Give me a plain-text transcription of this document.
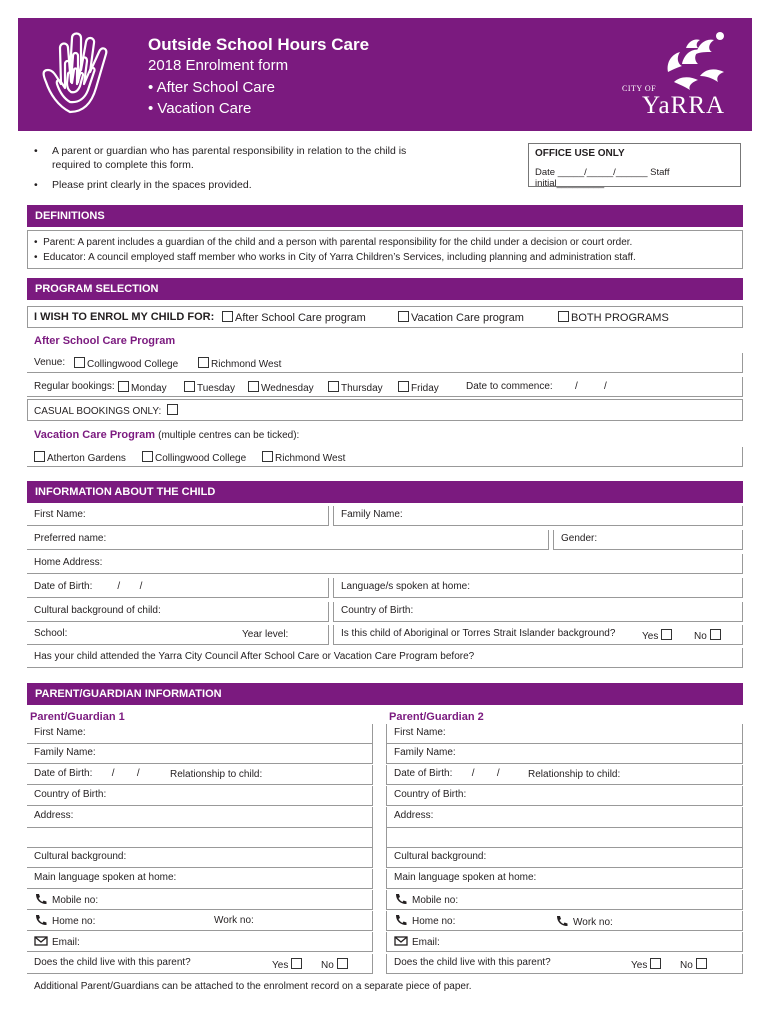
Outside School Hours Care
2018 Enrolment form
• After School Care
• Vacation Care
CITY OF
YaRRA
• A parent or guardian who has parental responsibility in relation to the child is required to complete this form.
• Please print clearly in the spaces provided.
OFFICE USE ONLY
Date _____/_____/______ Staff initial_________
DEFINITIONS
•  Parent: A parent includes a guardian of the child and a person with parental responsibility for the child under a decision or court order.
•  Educator: A council employed staff member who works in City of Yarra Children’s Services, including planning and administration staff.
PROGRAM SELECTION
I WISH TO ENROL MY CHILD FOR:	After School Care program	Vacation Care program	BOTH PROGRAMS
After School Care Program
Venue:	Collingwood College	Richmond West
Regular bookings:	Monday	Tuesday	Wednesday	Thursday	Friday	Date to commence: /	/
CASUAL BOOKINGS ONLY:
Vacation Care Program (multiple centres can be ticked):
Atherton Gardens	Collingwood College	Richmond West
INFORMATION ABOUT THE CHILD
First Name:	Family Name:
Preferred name:	Gender:
Home Address:
Date of Birth:         /       /	Language/s spoken at home:
Cultural background of child:	Country of Birth:
School:	Year level:	Is this child of Aboriginal or Torres Strait Islander background?	Yes	No
Has your child attended the Yarra City Council After School Care or Vacation Care Program before?
PARENT/GUARDIAN INFORMATION
Parent/Guardian 1	Parent/Guardian 2
First Name:
Family Name:
Date of Birth:       /        /	Relationship to child:
Country of Birth:
Address:
Cultural background:
Main language spoken at home:
Mobile no:
Home no:	Work no:
Email:
Does the child live with this parent?	Yes	No
First Name:
Family Name:
Date of Birth:       /        /	Relationship to child:
Country of Birth:
Address:
Cultural background:
Main language spoken at home:
Mobile no:
Home no:	Work no:
Email:
Does the child live with this parent?	Yes	No
Additional Parent/Guardians can be attached to the enrolment record on a separate piece of paper.
